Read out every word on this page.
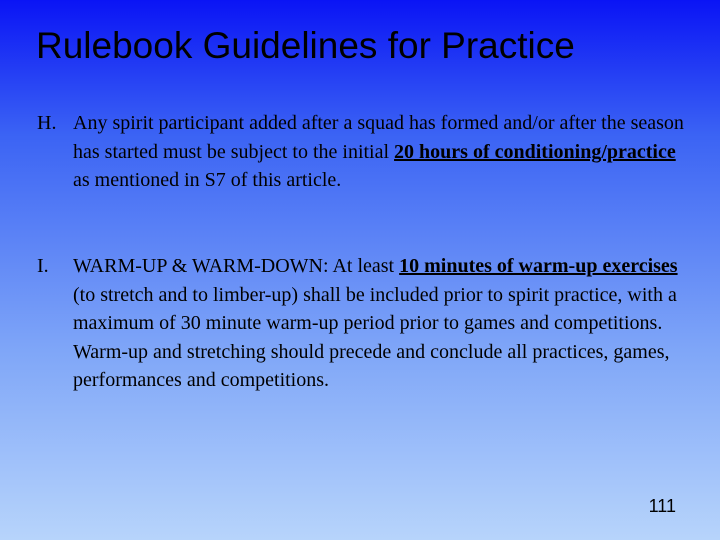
Rulebook Guidelines for Practice
H. Any spirit participant added after a squad has formed and/or after the season has started must be subject to the initial 20 hours of conditioning/practice as mentioned in S7 of this article.
I. WARM-UP & WARM-DOWN: At least 10 minutes of warm-up exercises (to stretch and to limber-up) shall be included prior to spirit practice, with a maximum of 30 minute warm-up period prior to games and competitions. Warm-up and stretching should precede and conclude all practices, games, performances and competitions.
111
